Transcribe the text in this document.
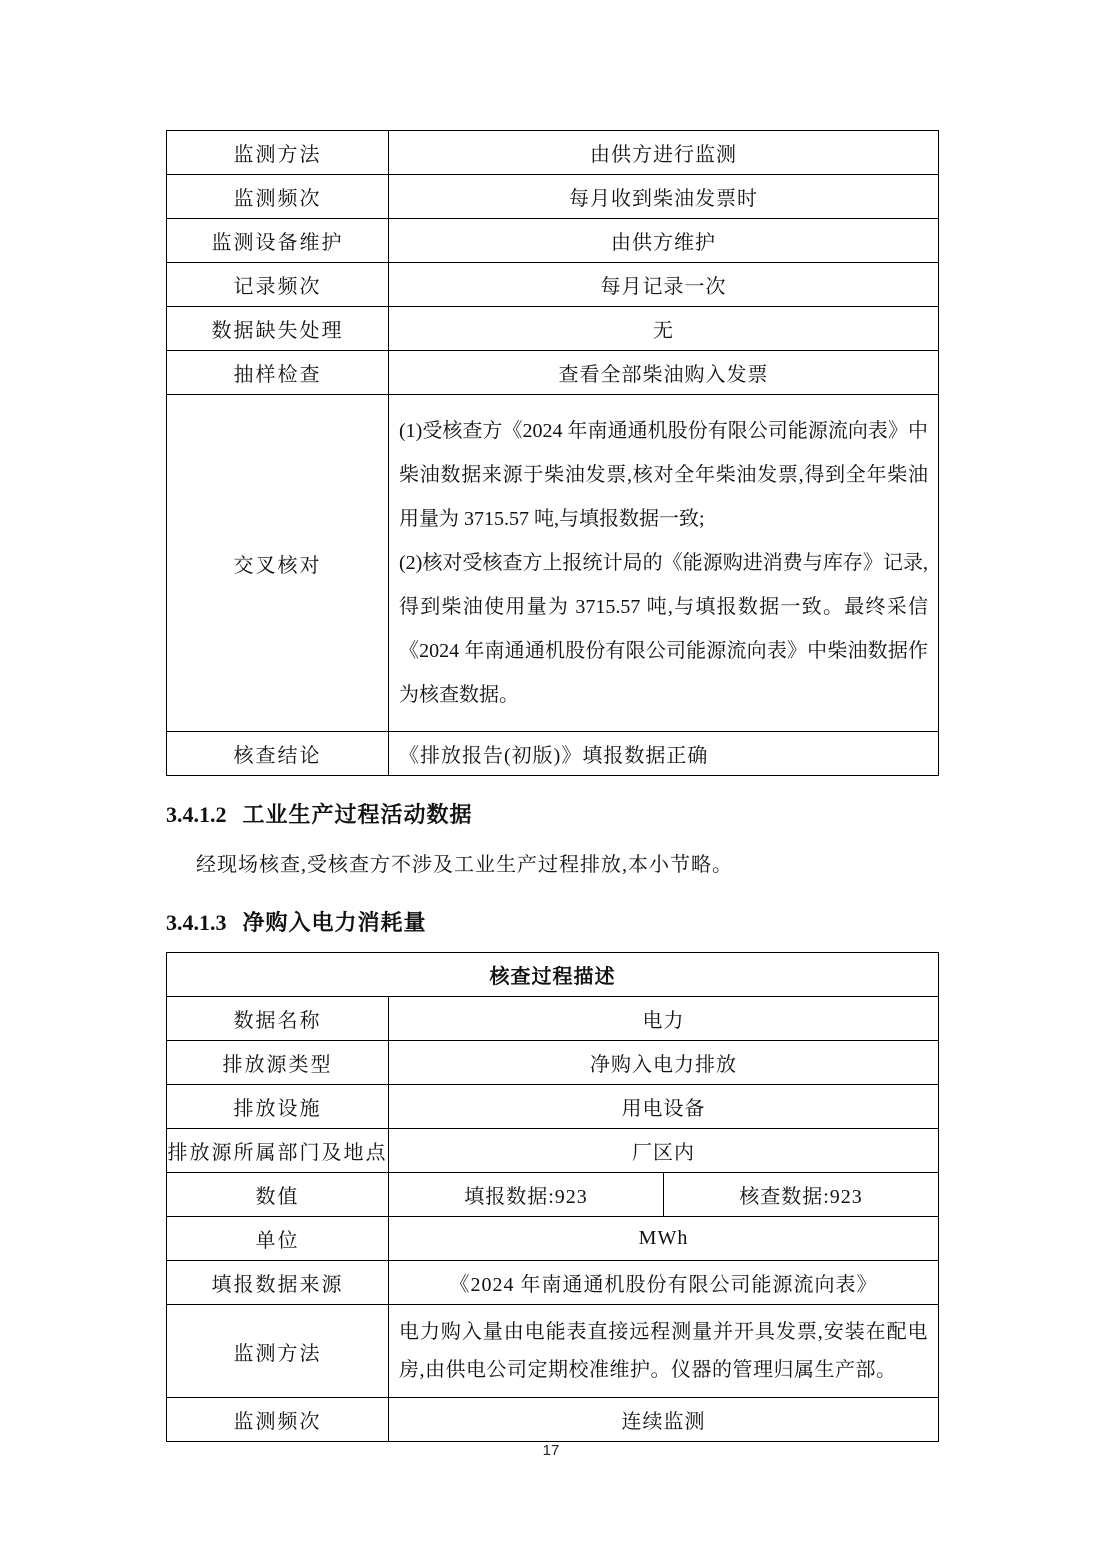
监测方法	由供方进行监测
监测频次	每月收到柴油发票时
监测设备维护	由供方维护
记录频次	每月记录一次
数据缺失处理	无
抽样检查	查看全部柴油购入发票
交叉核对	(1)受核查方《2024 年南通通机股份有限公司能源流向表》中柴油数据来源于柴油发票,核对全年柴油发票,得到全年柴油用量为 3715.57 吨,与填报数据一致;

(2)核对受核查方上报统计局的《能源购进消费与库存》记录,得到柴油使用量为 3715.57 吨,与填报数据一致。最终采信《2024 年南通通机股份有限公司能源流向表》中柴油数据作为核查数据。

核查结论	《排放报告(初版)》填报数据正确
3.4.1.2 工业生产过程活动数据

经现场核查,受核查方不涉及工业生产过程排放,本小节略。

3.4.1.3 净购入电力消耗量
核查过程描述		
数据名称	电力	
排放源类型	净购入电力排放	
排放设施	用电设备	
排放源所属部门及地点	厂区内	
数值	填报数据:923	核查数据:923
单位	MWh	
填报数据来源	《2024 年南通通机股份有限公司能源流向表》	
监测方法	电力购入量由电能表直接远程测量并开具发票,安装在配电房,由供电公司定期校准维护。仪器的管理归属生产部。	
监测频次	连续监测	
17
